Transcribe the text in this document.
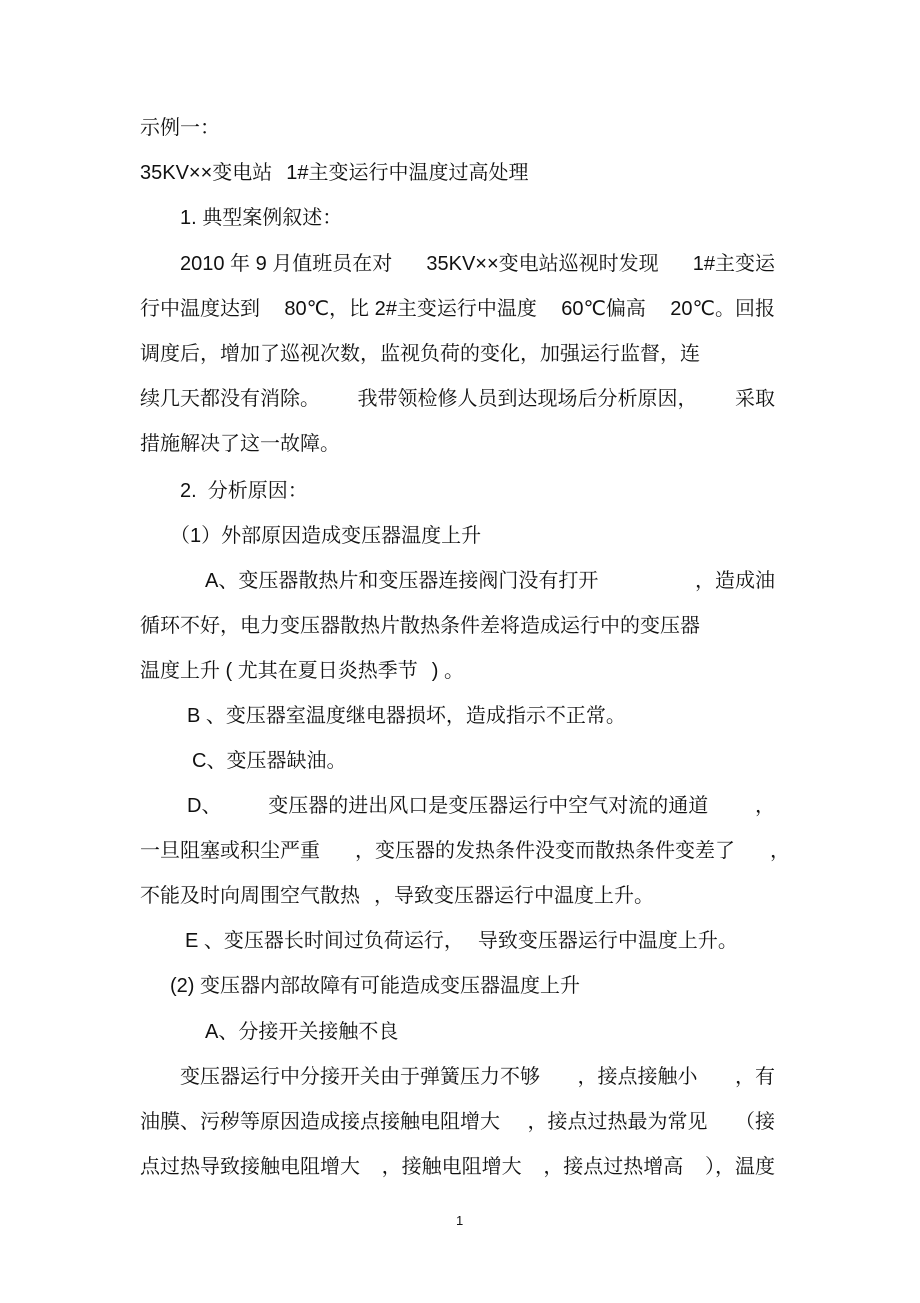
示例一：
35KV××变电站 1#主变运行中温度过高处理
1. 典型案例叙述：
2010 年 9 月值班员在对 35KV××变电站巡视时发现 1#主变运
行中温度达到 80℃，比 2#主变运行中温度 60℃偏高 20℃。回报
调度后，增加了巡视次数，监视负荷的变化，加强运行监督，连
续几天都没有消除。 我带领检修人员到达现场后分析原因， 采取
措施解决了这一故障。
2.  分析原因：
（1）外部原因造成变压器温度上升
A、变压器散热片和变压器连接阀门没有打开	，造成油
循环不好，电力变压器散热片散热条件差将造成运行中的变压器
温度上升 ( 尤其在夏日炎热季节 ) 。
B 、变压器室温度继电器损坏，造成指示不正常。
C、变压器缺油。
D、 变压器的进出风口是变压器运行中空气对流的通道 ，
一旦阻塞或积尘严重 ，变压器的发热条件没变而散热条件变差了 ，
不能及时向周围空气散热 ，导致变压器运行中温度上升。
E 、变压器长时间过负荷运行， 导致变压器运行中温度上升。
(2) 变压器内部故障有可能造成变压器温度上升
A、分接开关接触不良
变压器运行中分接开关由于弹簧压力不够 ，接点接触小 ，有
油膜、污秽等原因造成接点接触电阻增大 ，接点过热最为常见 （接
点过热导致接触电阻增大 ，接触电阻增大 ，接点过热增高 ），温度
1
